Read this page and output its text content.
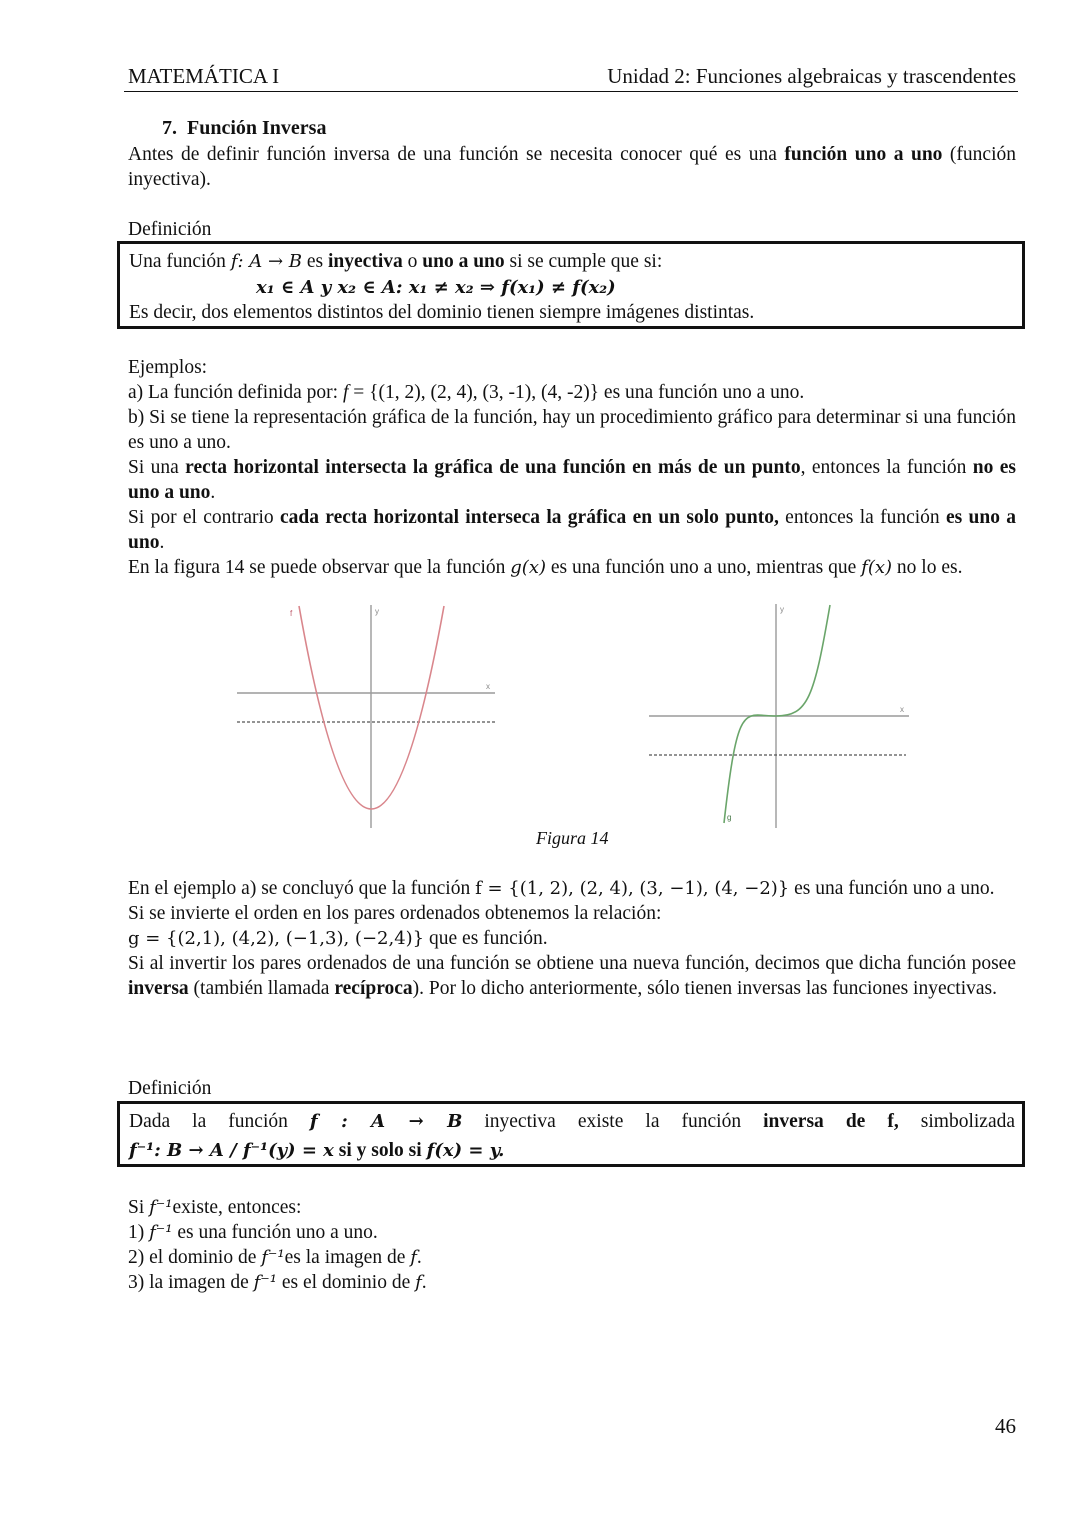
MATEMÁTICA I	Unidad 2: Funciones algebraicas y trascendentes
7. Función Inversa

Antes de definir función inversa de una función se necesita conocer qué es una función uno a uno (función inyectiva).

Definición
Una función f: A → B es inyectiva o uno a uno si se cumple que si:
x₁ ∈ A y x₂ ∈ A: x₁ ≠ x₂ ⇒ f(x₁) ≠ f(x₂)
Es decir, dos elementos distintos del dominio tienen siempre imágenes distintas.

Ejemplos:

a) La función definida por: f = {(1, 2), (2, 4), (3, -1), (4, -2)} es una función uno a uno.

b) Si se tiene la representación gráfica de la función, hay un procedimiento gráfico para determinar si una función es uno a uno.

Si una recta horizontal intersecta la gráfica de una función en más de un punto, entonces la función no es uno a uno.

Si por el contrario cada recta horizontal interseca la gráfica en un solo punto, entonces la función es uno a uno.

En la figura 14 se puede observar que la función g(x) es una función uno a uno, mientras que f(x) no lo es.

f	y
x
y
x
g
Figura 14

En el ejemplo a) se concluyó que la función f = {(1, 2), (2, 4), (3, −1), (4, −2)} es una función uno a uno.

Si se invierte el orden en los pares ordenados obtenemos la relación:

g = {(2,1), (4,2), (−1,3), (−2,4)} que es función.

Si al invertir los pares ordenados de una función se obtiene una nueva función, decimos que dicha función posee inversa (también llamada recíproca). Por lo dicho anteriormente, sólo tienen inversas las funciones inyectivas.

Definición
Dada la función f : A → B inyectiva existe la función inversa de f, simbolizada
f⁻¹: B → A / f⁻¹(y) = x si y solo si f(x) = y.

Si f⁻¹existe, entonces:

1) f⁻¹ es una función uno a uno.

2) el dominio de f⁻¹es la imagen de f.

3) la imagen de f⁻¹ es el dominio de f.

46
